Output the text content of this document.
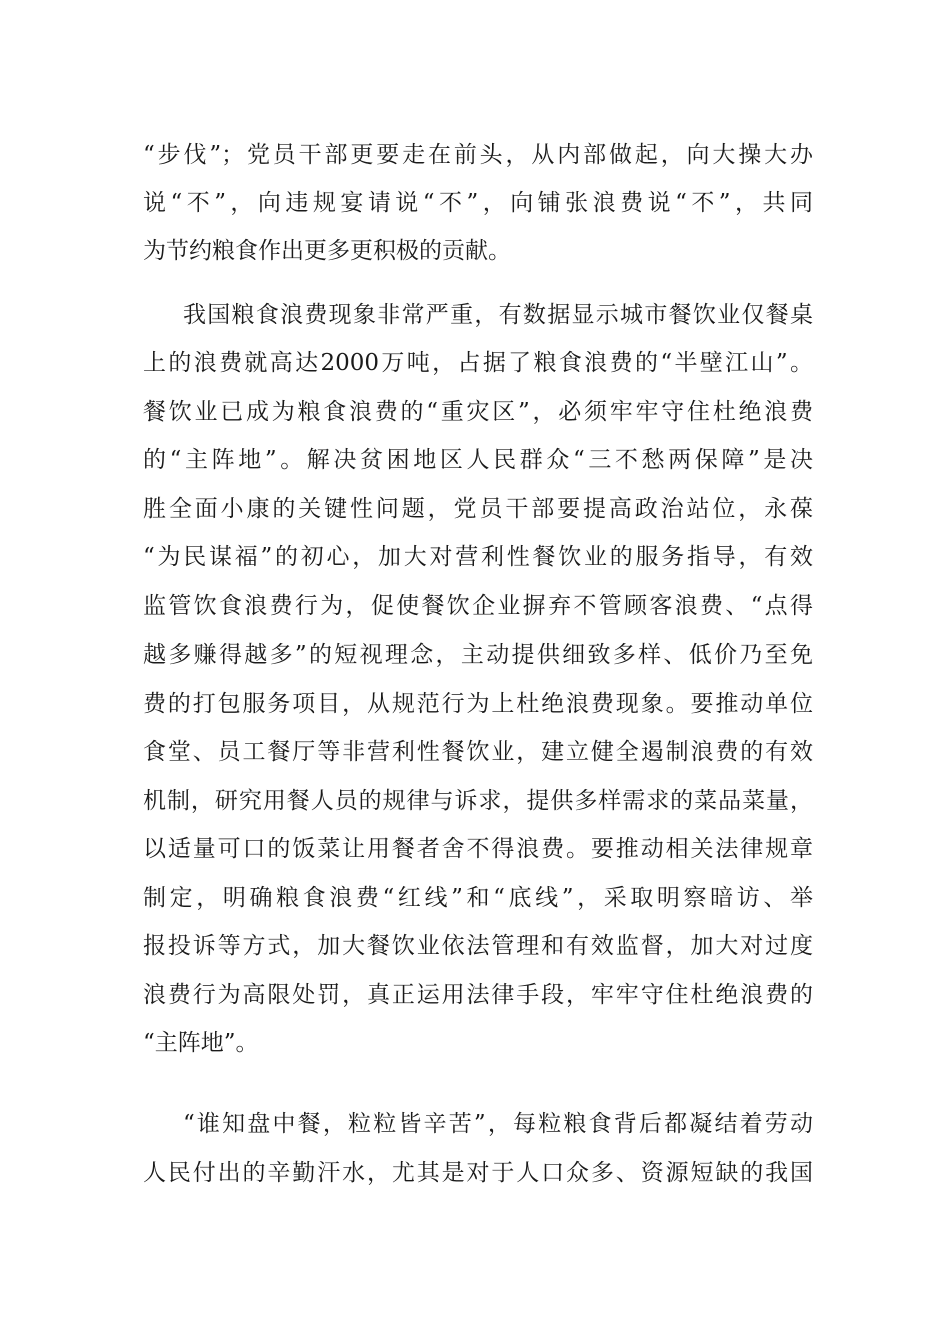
“步伐”；党员干部更要走在前头，从内部做起，向大操大办
说“不”，向违规宴请说“不”，向铺张浪费说“不”，共同
为节约粮食作出更多更积极的贡献。
我国粮食浪费现象非常严重，有数据显示城市餐饮业仅餐桌
上的浪费就高达2000万吨，占据了粮食浪费的“半壁江山”。
餐饮业已成为粮食浪费的“重灾区”，必须牢牢守住杜绝浪费
的“主阵地”。解决贫困地区人民群众“三不愁两保障”是决
胜全面小康的关键性问题，党员干部要提高政治站位，永葆
“为民谋福”的初心，加大对营利性餐饮业的服务指导，有效
监管饮食浪费行为，促使餐饮企业摒弃不管顾客浪费、“点得
越多赚得越多”的短视理念，主动提供细致多样、低价乃至免
费的打包服务项目，从规范行为上杜绝浪费现象。要推动单位
食堂、员工餐厅等非营利性餐饮业，建立健全遏制浪费的有效
机制，研究用餐人员的规律与诉求，提供多样需求的菜品菜量，
以适量可口的饭菜让用餐者舍不得浪费。要推动相关法律规章
制定，明确粮食浪费“红线”和“底线”，采取明察暗访、举
报投诉等方式，加大餐饮业依法管理和有效监督，加大对过度
浪费行为高限处罚，真正运用法律手段，牢牢守住杜绝浪费的
“主阵地”。
“谁知盘中餐，粒粒皆辛苦”，每粒粮食背后都凝结着劳动
人民付出的辛勤汗水，尤其是对于人口众多、资源短缺的我国
